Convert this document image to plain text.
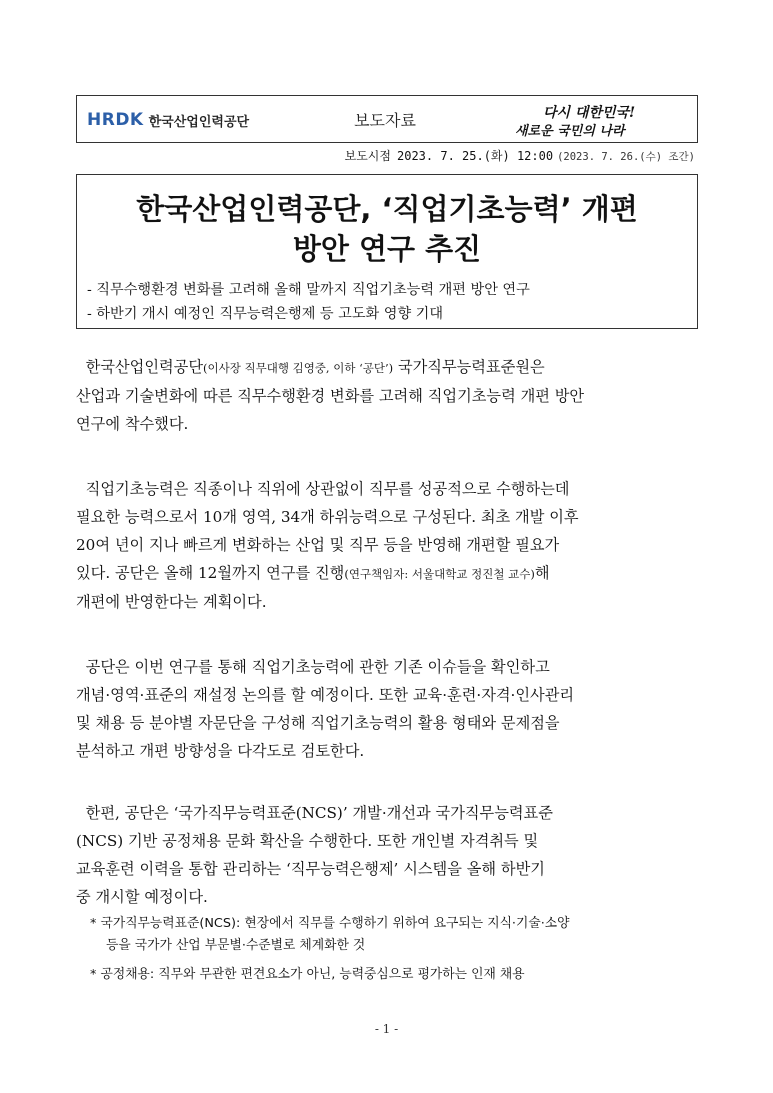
HRDK 한국산업인력공단	보도자료	다시 대한민국!
새로운 국민의 나라
보도시점 2023. 7. 25.(화) 12:00 (2023. 7. 26.(수) 조간)
한국산업인력공단, ‘직업기초능력’ 개편
방안 연구 추진
- 직무수행환경 변화를 고려해 올해 말까지 직업기초능력 개편 방안 연구
- 하반기 개시 예정인 직무능력은행제 등 고도화 영향 기대
한국산업인력공단(이사장 직무대행 김영중, 이하 ‘공단’) 국가직무능력표준원은
산업과 기술변화에 따른 직무수행환경 변화를 고려해 직업기초능력 개편 방안
연구에 착수했다.
직업기초능력은 직종이나 직위에 상관없이 직무를 성공적으로 수행하는데
필요한 능력으로서 10개 영역, 34개 하위능력으로 구성된다. 최초 개발 이후
20여 년이 지나 빠르게 변화하는 산업 및 직무 등을 반영해 개편할 필요가
있다. 공단은 올해 12월까지 연구를 진행(연구책임자: 서울대학교 정진철 교수)해
개편에 반영한다는 계획이다.
공단은 이번 연구를 통해 직업기초능력에 관한 기존 이슈들을 확인하고
개념·영역·표준의 재설정 논의를 할 예정이다. 또한 교육·훈련·자격·인사관리
및 채용 등 분야별 자문단을 구성해 직업기초능력의 활용 형태와 문제점을
분석하고 개편 방향성을 다각도로 검토한다.
한편, 공단은 ‘국가직무능력표준(NCS)’ 개발·개선과 국가직무능력표준
(NCS) 기반 공정채용 문화 확산을 수행한다. 또한 개인별 자격취득 및
교육훈련 이력을 통합 관리하는 ‘직무능력은행제’ 시스템을 올해 하반기
중 개시할 예정이다.
* 국가직무능력표준(NCS): 현장에서 직무를 수행하기 위하여 요구되는 지식·기술·소양
등을 국가가 산업 부문별·수준별로 체계화한 것
* 공정채용: 직무와 무관한 편견요소가 아닌, 능력중심으로 평가하는 인재 채용
- 1 -
